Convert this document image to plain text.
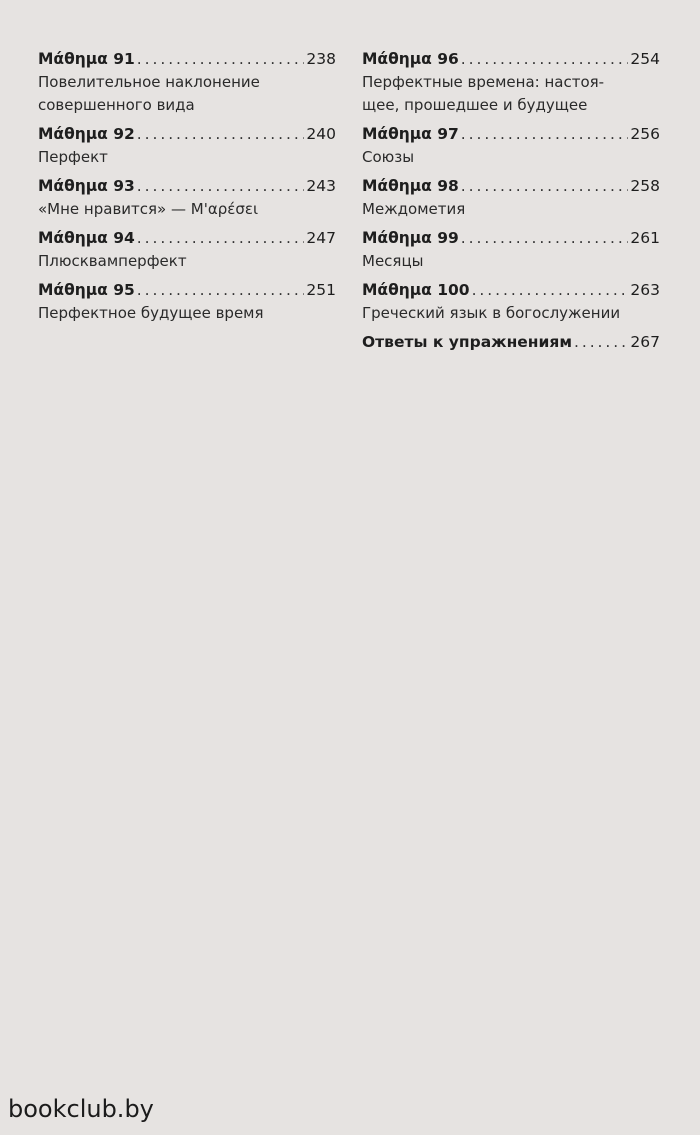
Μάθημα 91 . . .	238
Повелительное наклонение
совершенного вида
Μάθημα 92 . . .	240
Перфект
Μάθημα 93 . . .	243
«Мне нравится» — Μ'αρέσει
Μάθημα 94 . . .	247
Плюсквамперфект
Μάθημα 95 . . .	251
Перфектное будущее время
Μάθημα 96 . . .	254
Перфектные времена: настоя-
щее, прошедшее и будущее
Μάθημα 97 . . .	256
Союзы
Μάθημα 98 . . .	258
Междометия
Μάθημα 99 . . .	261
Месяцы
Μάθημα 100 . . .	263
Греческий язык в богослужении
Ответы к упражнениям . . .	267
bookclub.by
